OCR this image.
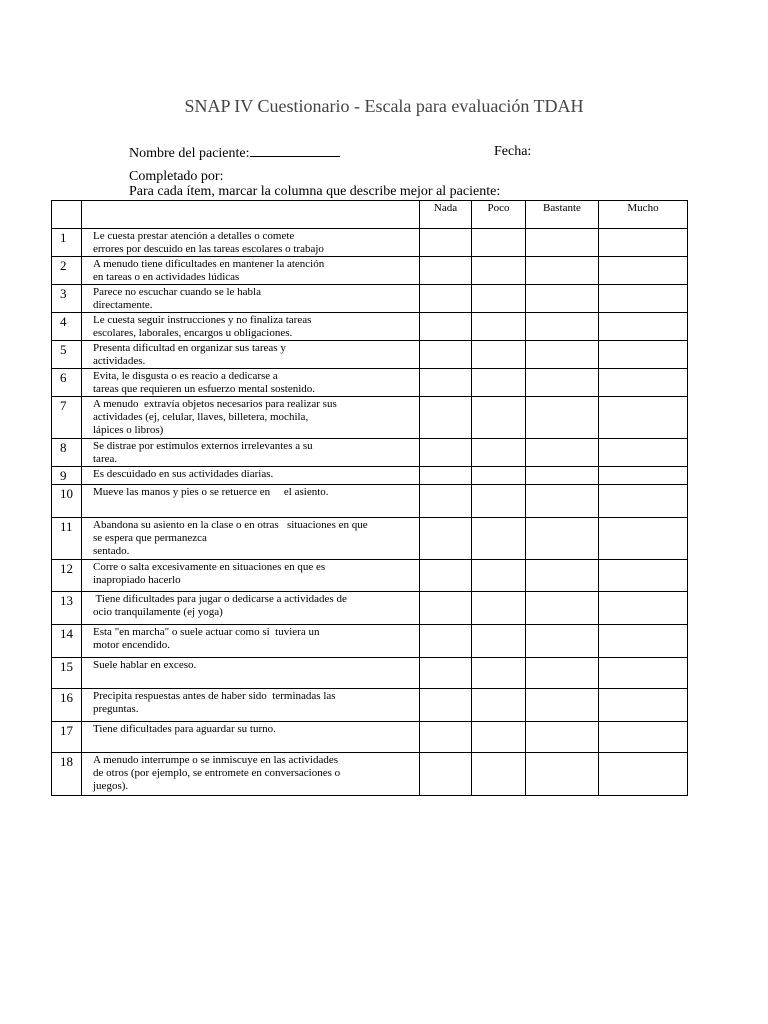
SNAP IV Cuestionario - Escala para evaluación TDAH
Nombre del paciente:	Fecha:
Completado por:
Para cada ítem, marcar la columna que describe mejor al paciente:
		Nada	Poco	Bastante	Mucho
1	Le cuesta prestar atención a detalles o comete
errores por descuido en las tareas escolares o trabajo				
2	A menudo tiene dificultades en mantener la atención
en tareas o en actividades lúdicas				
3	Parece no escuchar cuando se le habla
directamente.				
4	Le cuesta seguir instrucciones y no finaliza tareas
escolares, laborales, encargos u obligaciones.				
5	Presenta dificultad en organizar sus tareas y
actividades.				
6	Evita, le disgusta o es reacio a dedicarse a
tareas que requieren un esfuerzo mental sostenido.				
7	A menudo  extravía objetos necesarios para realizar sus
actividades (ej, celular, llaves, billetera, mochila,
lápices o libros)				
8	Se distrae por estímulos externos irrelevantes a su
tarea.				
9	Es descuidado en sus actividades diarias.				
10	Mueve las manos y pies o se retuerce en     el asiento.				
11	Abandona su asiento en la clase o en otras   situaciones en que
se espera que permanezca
sentado.				
12	Corre o salta excesivamente en situaciones en que es
inapropiado hacerlo				
13	Tiene dificultades para jugar o dedicarse a actividades de
ocio tranquilamente (ej yoga)				
14	Esta "en marcha" o suele actuar como si  tuviera un
motor encendido.				
15	Suele hablar en exceso.				
16	Precipita respuestas antes de haber sido  terminadas las
preguntas.				
17	Tiene dificultades para aguardar su turno.				
18	A menudo interrumpe o se inmiscuye en las actividades
de otros (por ejemplo, se entromete en conversaciones o
juegos).				
